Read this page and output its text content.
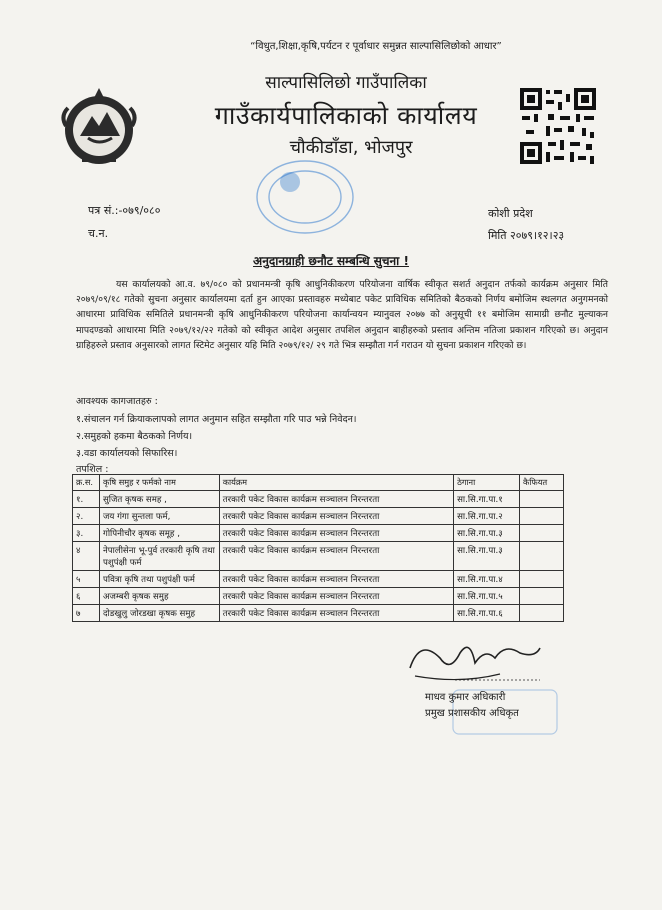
“विधुत,शिक्षा,कृषि,पर्यटन र पूर्वाधार समुन्नत साल्पासिलिछोको आधार”
साल्पासिलिछो गाउँपालिका
गाउँकार्यपालिकाको कार्यालय
चौकीडाँडा, भोजपुर
पत्र सं.:-०७९/०८०
च.न.
कोशी प्रदेश
मिति २०७९।१२।२३
अनुदानग्राही छनौट सम्बन्धि सुचना !

यस कार्यालयको आ.व. ७९/०८० को प्रधानमन्त्री कृषि आधुनिकीकरण परियोजना वार्षिक स्वीकृत सशर्त अनुदान तर्फको कार्यक्रम अनुसार मिति २०७९/०९/१८ गतेको सुचना अनुसार कार्यालयमा दर्ता हुन आएका प्रस्तावहरु मध्येबाट पकेट प्राविधिक समितिको बैठकको निर्णय बमोजिम स्थलगत अनुगमनको आधारमा प्राविधिक समितिले प्रधानमन्त्री कृषि आधुनिकीकरण परियोजना कार्यान्वयन म्यानुवल २०७७ को अनुसूची ११ बमोजिम सामाग्री छनौट मुल्याकन मापदण्डको आधारमा मिति २०७९/१२/२२ गतेको को स्वीकृत आदेश अनुसार तपशिल अनुदान बाहीहरुको प्रस्ताव अन्तिम नतिजा प्रकाशन गरिएको छ। अनुदान ग्राहिहरुले प्रस्ताव अनुसारको लागत स्टिमेट अनुसार यहि मिति २०७९/१२/ २९ गते भित्र सम्झौता गर्न गराउन यो सुचना प्रकाशन गरिएको छ।

आवश्यक कागजातहरु :
१.संचालन गर्न क्रियाकलापको लागत अनुमान सहित सम्झौता गरि पाउ भन्ने निवेदन।
२.समुहको हकमा बैठकको निर्णय।
३.वडा कार्यालयको सिफारिस।
तपशिल :
क्र.स.	कृषि समुह र फर्मको नाम	कार्यक्रम	ठेगाना	कैफियत
१.	सुजित कृषक समह ,	तरकारी पकेट विकास कार्यक्रम सञ्चालन निरन्तरता	सा.सि.गा.पा.१	
२.	जय गंगा सुन्तला फर्म,	तरकारी पकेट विकास कार्यक्रम सञ्चालन निरन्तरता	सा.सि.गा.पा.२	
३.	गोपिनीचौर कृषक समूह ,	तरकारी पकेट विकास कार्यक्रम सञ्चालन निरन्तरता	सा.सि.गा.पा.३	
४	नेपालीसेना भू-पुर्व तरकारी कृषि तथा पशुपंक्षी फर्म	तरकारी पकेट विकास कार्यक्रम सञ्चालन निरन्तरता	सा.सि.गा.पा.३	
५	पवित्रा कृषि तथा पशुपंक्षी फर्म	तरकारी पकेट विकास कार्यक्रम सञ्चालन निरन्तरता	सा.सि.गा.पा.४	
६	अजम्बरी कृषक समुह	तरकारी पकेट विकास कार्यक्रम सञ्चालन निरन्तरता	सा.सि.गा.पा.५	
७	दोडखुलु जोरडखा कृषक समुह	तरकारी पकेट विकास कार्यक्रम सञ्चालन निरन्तरता	सा.सि.गा.पा.६	
माधव कुमार अधिकारी
प्रमुख प्रशासकीय अधिकृत
